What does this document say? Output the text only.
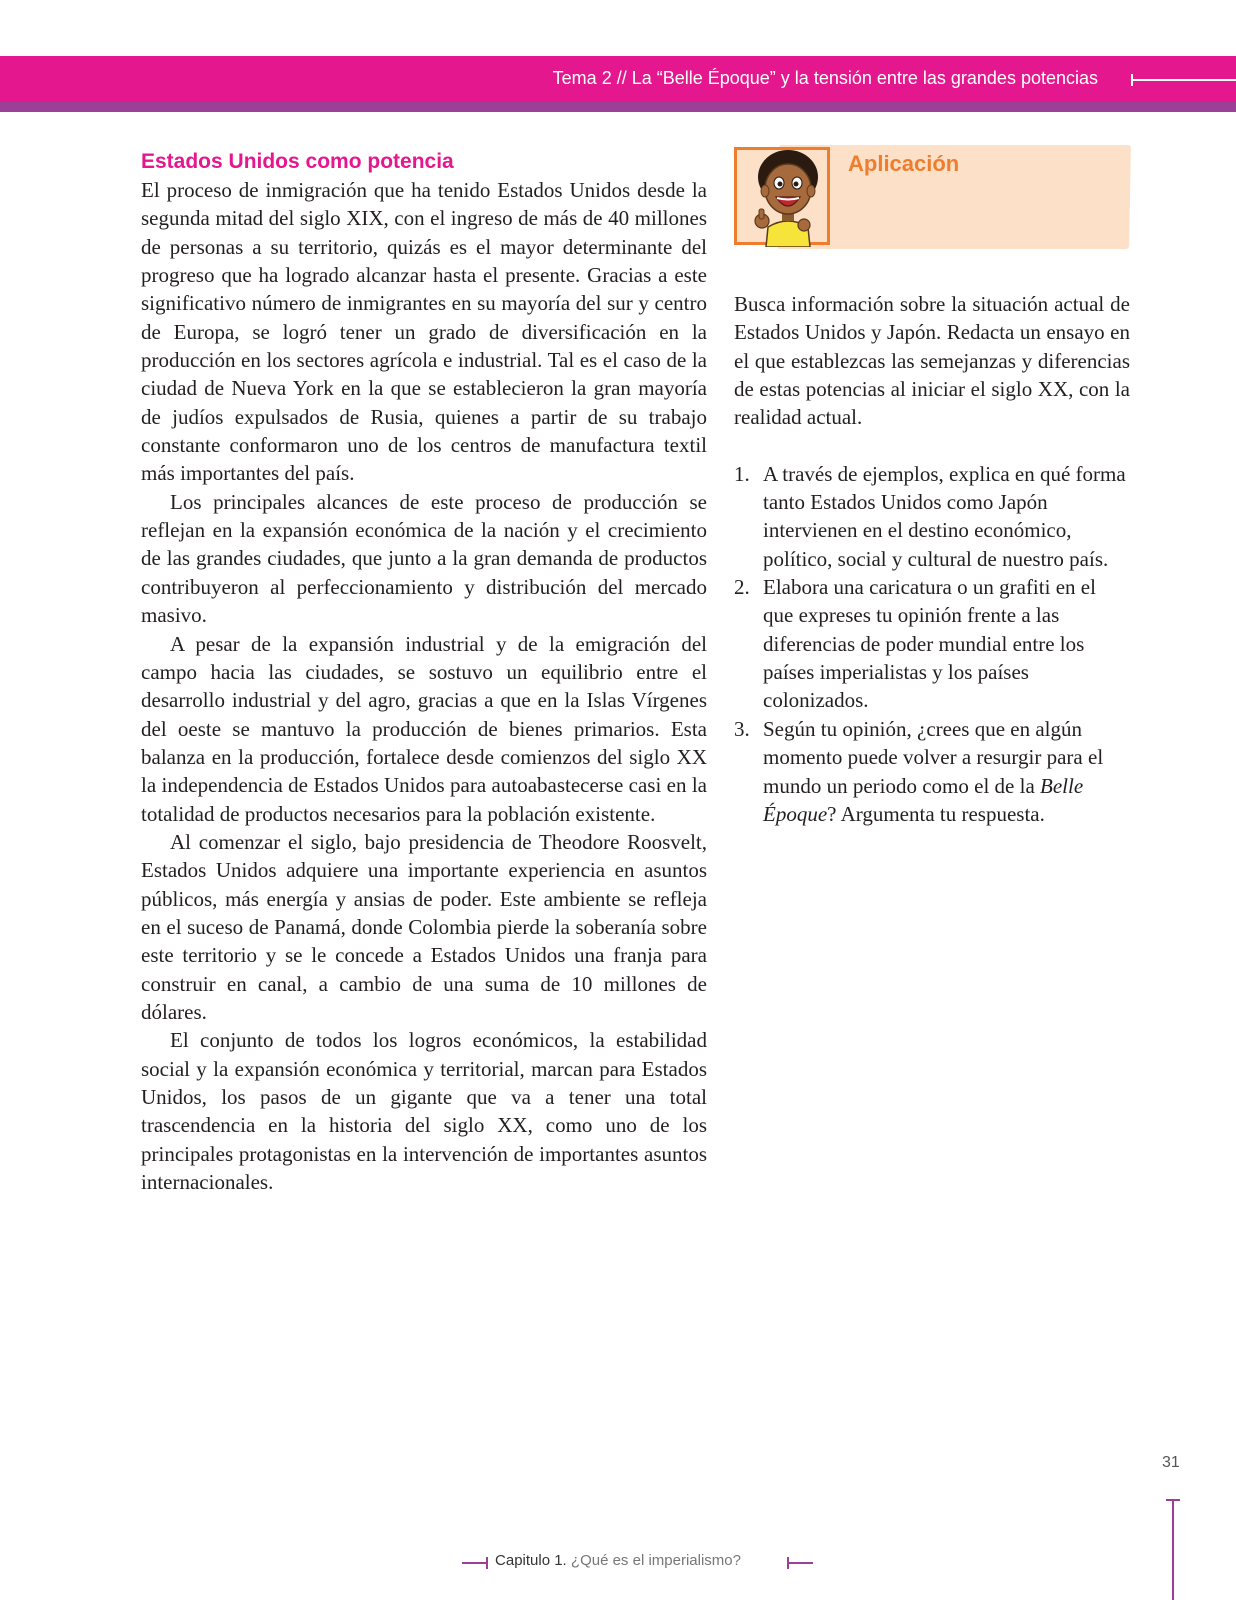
Tema 2 // La “Belle Époque” y la tensión entre las grandes potencias
Estados Unidos como potencia

El proceso de inmigración que ha tenido Estados Unidos desde la segunda mitad del siglo XIX, con el ingreso de más de 40 millones de personas a su territorio, quizás es el mayor determinante del progreso que ha logrado alcanzar hasta el presente. Gracias a este significativo número de inmigrantes en su mayoría del sur y centro de Europa, se logró tener un grado de diversificación en la producción en los sectores agrícola e industrial. Tal es el caso de la ciudad de Nueva York en la que se establecieron la gran mayoría de judíos expulsados de Rusia, quienes a partir de su trabajo constante conformaron uno de los centros de manufactura textil más importantes del país.

Los principales alcances de este proceso de producción se reflejan en la expansión económica de la nación y el crecimiento de las grandes ciudades, que junto a la gran demanda de productos contribuyeron al perfeccionamiento y distribución del mercado masivo.

A pesar de la expansión industrial y de la emigración del campo hacia las ciudades, se sostuvo un equilibrio entre el desarrollo industrial y del agro, gracias a que en la Islas Vírgenes del oeste se mantuvo la producción de bienes primarios. Esta balanza en la producción, fortalece desde comienzos del siglo XX la independencia de Estados Unidos para autoabastecerse casi en la totalidad de productos necesarios para la población existente.

Al comenzar el siglo, bajo presidencia de Theodore Roosvelt, Estados Unidos adquiere una importante experiencia en asuntos públicos, más energía y ansias de poder. Este ambiente se refleja en el suceso de Panamá, donde Colombia pierde la soberanía sobre este territorio y se le concede a Estados Unidos una franja para construir en canal, a cambio de una suma de 10 millones de dólares.

El conjunto de todos los logros económicos, la estabilidad social y la expansión económica y territorial, marcan para Estados Unidos, los pasos de un gigante que va a tener una total trascendencia en la historia del siglo XX, como uno de los principales protagonistas en la intervención de importantes asuntos internacionales.

Aplicación

Busca información sobre la situación actual de Estados Unidos y Japón. Redacta un ensayo en el que establezcas las semejanzas y diferencias de estas potencias al iniciar el siglo XX, con la realidad actual.

1. A través de ejemplos, explica en qué forma tanto Estados Unidos como Japón intervienen en el destino económico, político, social y cultural de nuestro país.
2. Elabora una caricatura o un grafiti en el que expreses tu opinión frente a las diferencias de poder mundial entre los países imperialistas y los países colonizados.
3. Según tu opinión, ¿crees que en algún momento puede volver a resurgir para el mundo un periodo como el de la Belle Époque? Argumenta tu respuesta.
31
Capitulo 1. ¿Qué es el imperialismo?
